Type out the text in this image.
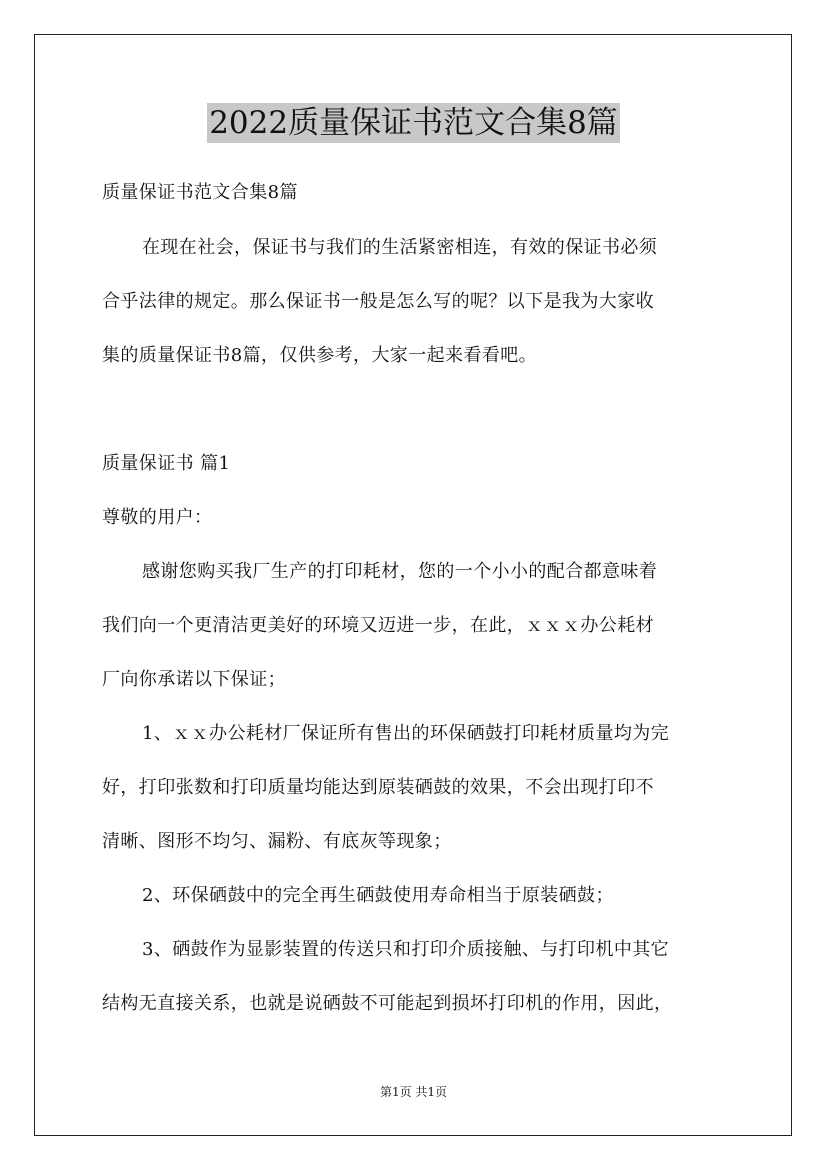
2022质量保证书范文合集8篇

质量保证书范文合集8篇

在现在社会，保证书与我们的生活紧密相连，有效的保证书必须

合乎法律的规定。那么保证书一般是怎么写的呢？以下是我为大家收

集的质量保证书8篇，仅供参考，大家一起来看看吧。

质量保证书 篇1

尊敬的用户：

感谢您购买我厂生产的打印耗材，您的一个小小的配合都意味着

我们向一个更清洁更美好的环境又迈进一步，在此，ｘｘｘ办公耗材

厂向你承诺以下保证；

1、ｘｘ办公耗材厂保证所有售出的环保硒鼓打印耗材质量均为完

好，打印张数和打印质量均能达到原装硒鼓的效果，不会出现打印不

清晰、图形不均匀、漏粉、有底灰等现象；

2、环保硒鼓中的完全再生硒鼓使用寿命相当于原装硒鼓；

3、硒鼓作为显影装置的传送只和打印介质接触、与打印机中其它

结构无直接关系，也就是说硒鼓不可能起到损坏打印机的作用，因此，

第1页 共1页
